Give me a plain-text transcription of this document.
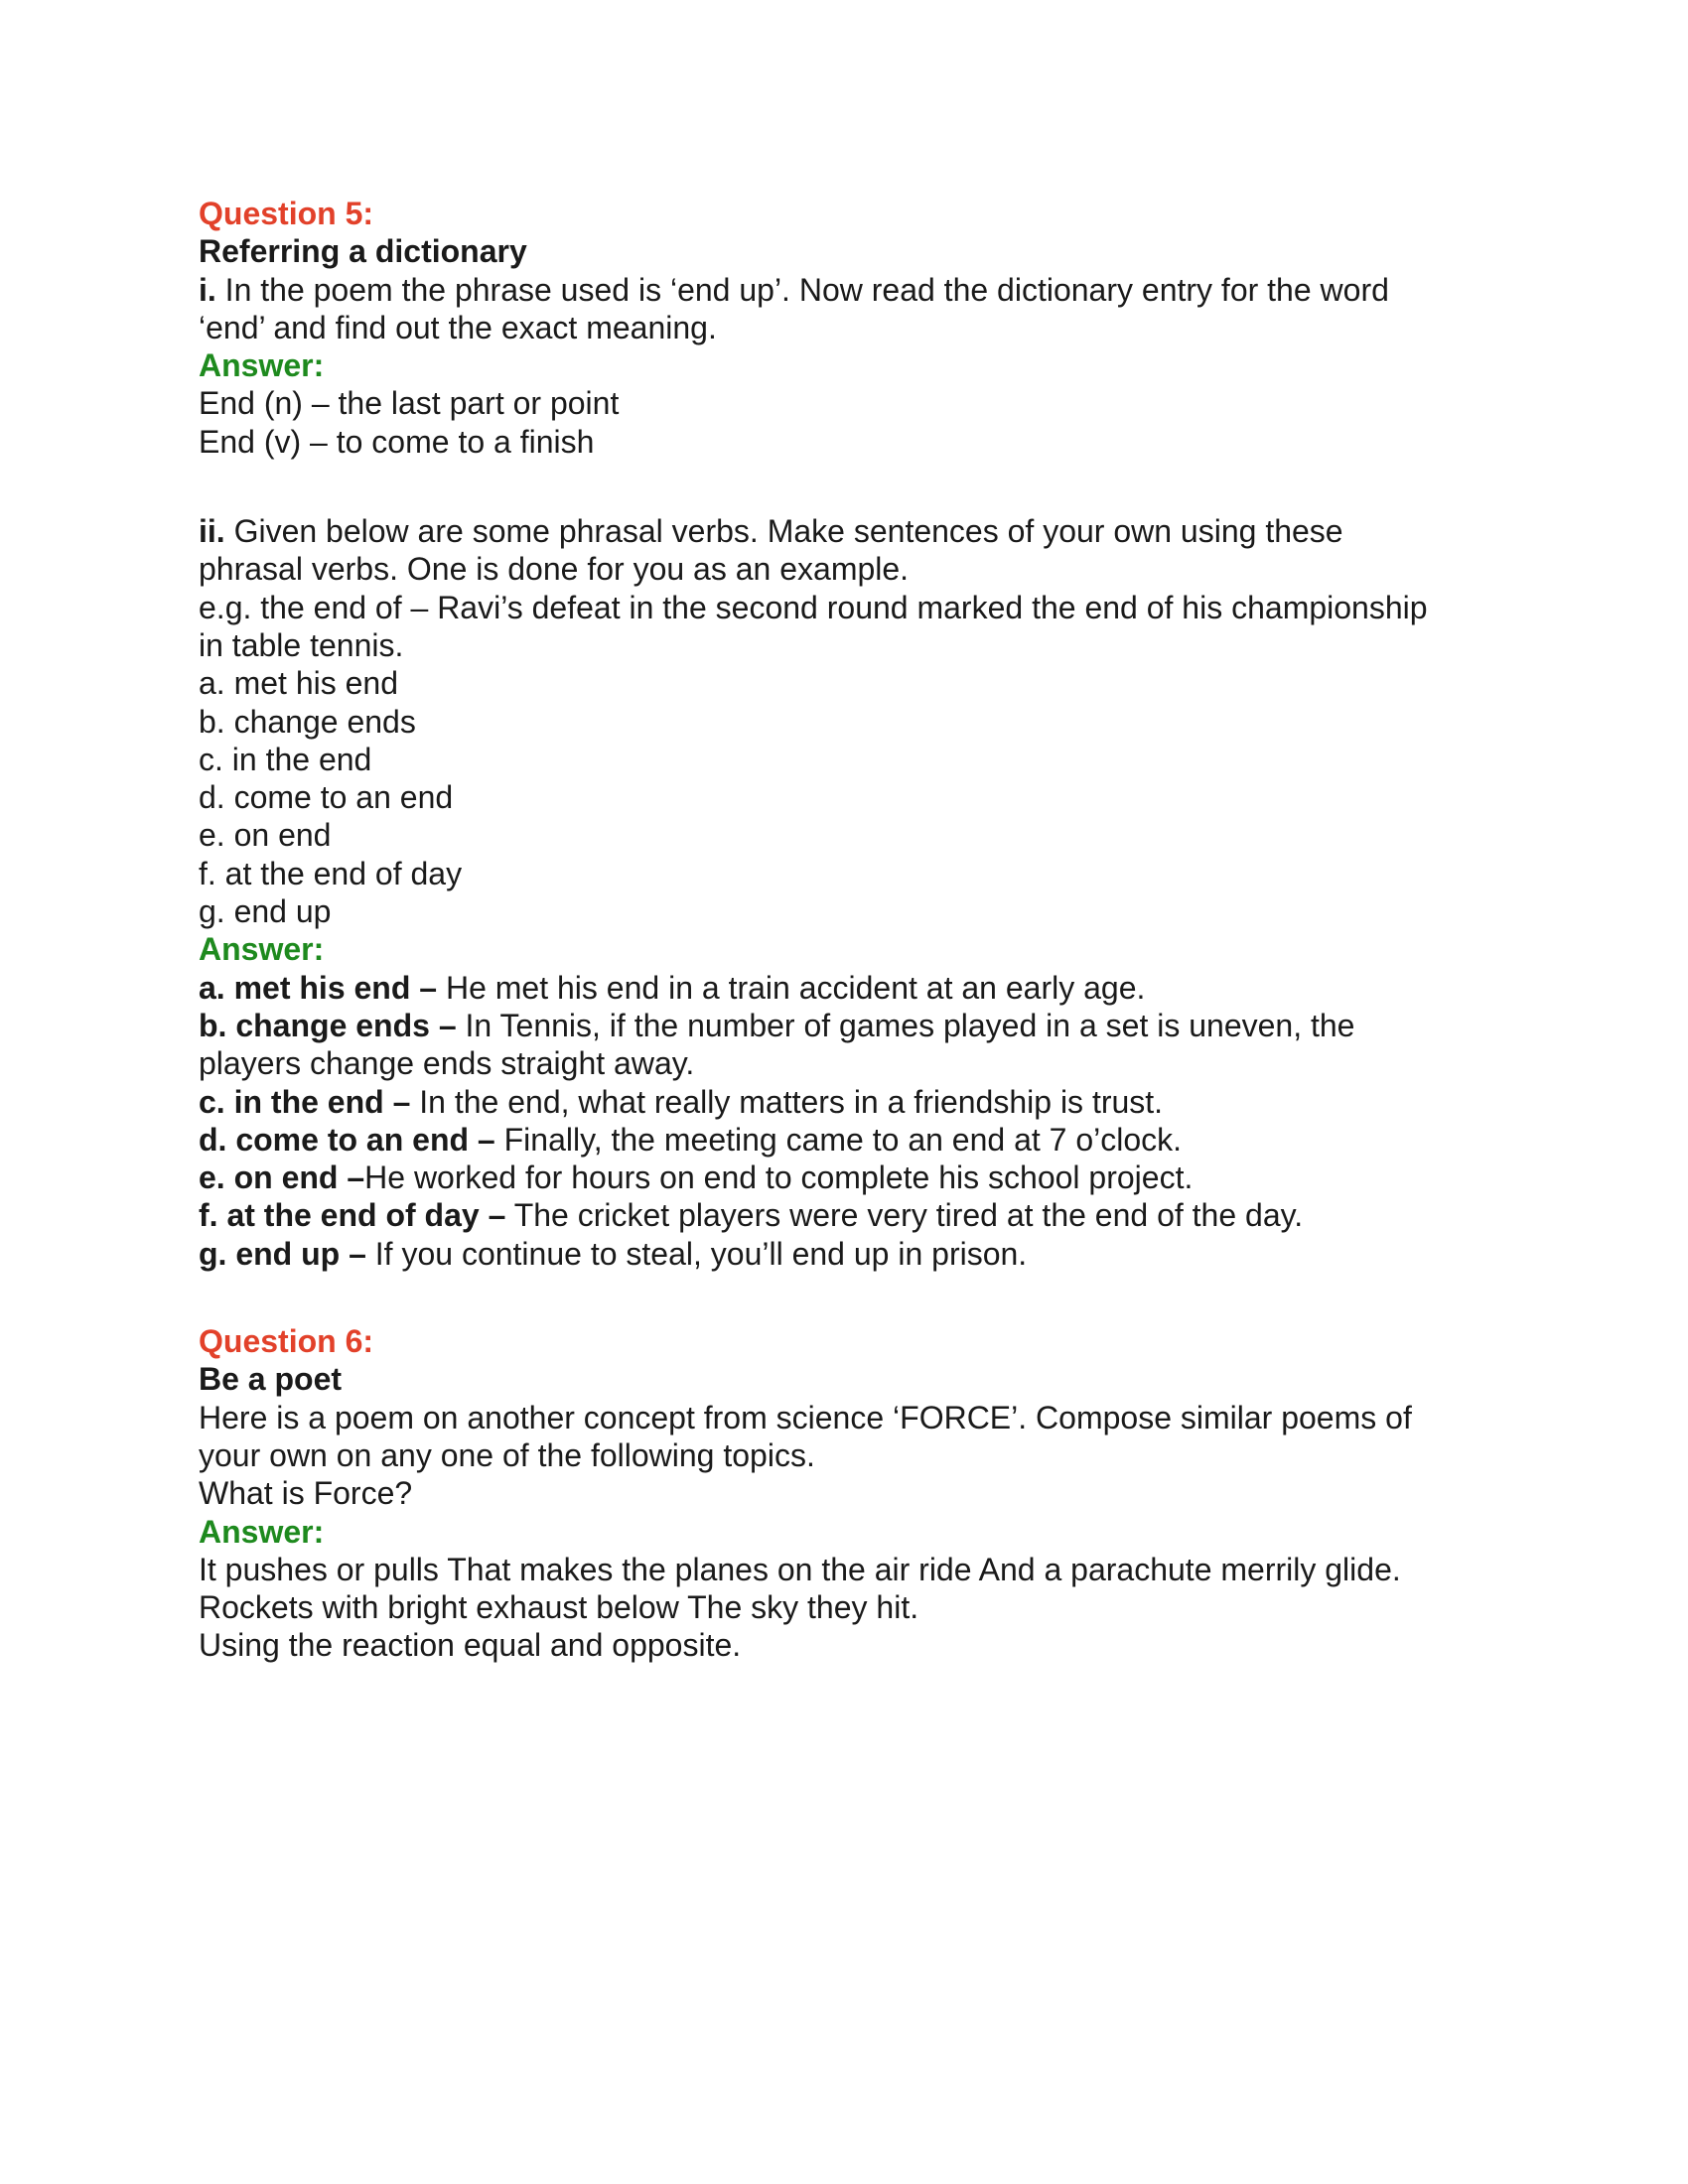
Question 5:
Referring a dictionary
i. In the poem the phrase used is ‘end up’. Now read the dictionary entry for the word
‘end’ and find out the exact meaning.
Answer:
End (n) – the last part or point
End (v) – to come to a finish
ii. Given below are some phrasal verbs. Make sentences of your own using these
phrasal verbs. One is done for you as an example.
e.g. the end of – Ravi’s defeat in the second round marked the end of his championship
in table tennis.
a. met his end
b. change ends
c. in the end
d. come to an end
e. on end
f. at the end of day
g. end up
Answer:
a. met his end – He met his end in a train accident at an early age.
b. change ends – In Tennis, if the number of games played in a set is uneven, the
players change ends straight away.
c. in the end – In the end, what really matters in a friendship is trust.
d. come to an end – Finally, the meeting came to an end at 7 o’clock.
e. on end –He worked for hours on end to complete his school project.
f. at the end of day – The cricket players were very tired at the end of the day.
g. end up – If you continue to steal, you’ll end up in prison.
Question 6:
Be a poet
Here is a poem on another concept from science ‘FORCE’. Compose similar poems of
your own on any one of the following topics.
What is Force?
Answer:
It pushes or pulls That makes the planes on the air ride And a parachute merrily glide.
Rockets with bright exhaust below The sky they hit.
Using the reaction equal and opposite.
